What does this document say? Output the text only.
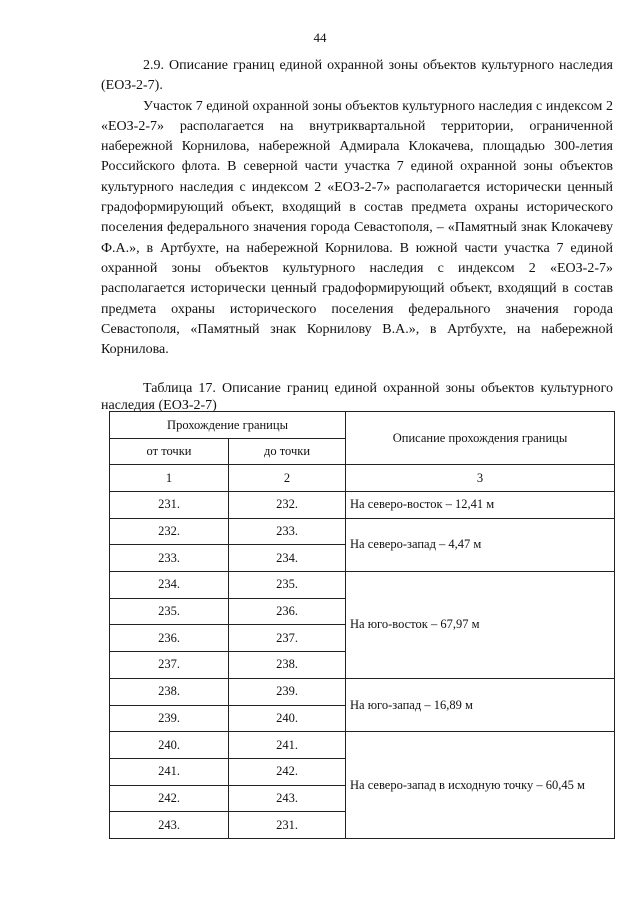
44

2.9. Описание границ единой охранной зоны объектов культурного наследия (ЕОЗ-2-7).

Участок 7 единой охранной зоны объектов культурного наследия с индексом 2 «ЕОЗ-2-7» располагается на внутриквартальной территории, ограниченной набережной Корнилова, набережной Адмирала Клокачева, площадью 300-летия Российского флота. В северной части участка 7 единой охранной зоны объектов культурного наследия с индексом 2 «ЕОЗ-2-7» располагается исторически ценный градоформирующий объект, входящий в состав предмета охраны исторического поселения федерального значения города Севастополя, – «Памятный знак Клокачеву Ф.А.», в Артбухте, на набережной Корнилова. В южной части участка 7 единой охранной зоны объектов культурного наследия с индексом 2 «ЕОЗ-2-7» располагается исторически ценный градоформирующий объект, входящий в состав предмета охраны исторического поселения федерального значения города Севастополя, «Памятный знак Корнилову В.А.», в Артбухте, на набережной Корнилова.

Таблица 17. Описание границ единой охранной зоны объектов культурного наследия (ЕОЗ-2-7)
Прохождение границы		Описание прохождения границы
от точки	до точки	
1	2	3
231.	232.	На северо-восток – 12,41 м
232.	233.	На северо-запад – 4,47 м
233.	234.	
234.	235.	На юго-восток – 67,97 м
235.	236.	
236.	237.	
237.	238.	
238.	239.	На юго-запад – 16,89 м
239.	240.	
240.	241.	На северо-запад в исходную точку – 60,45 м
241.	242.	
242.	243.	
243.	231.	
